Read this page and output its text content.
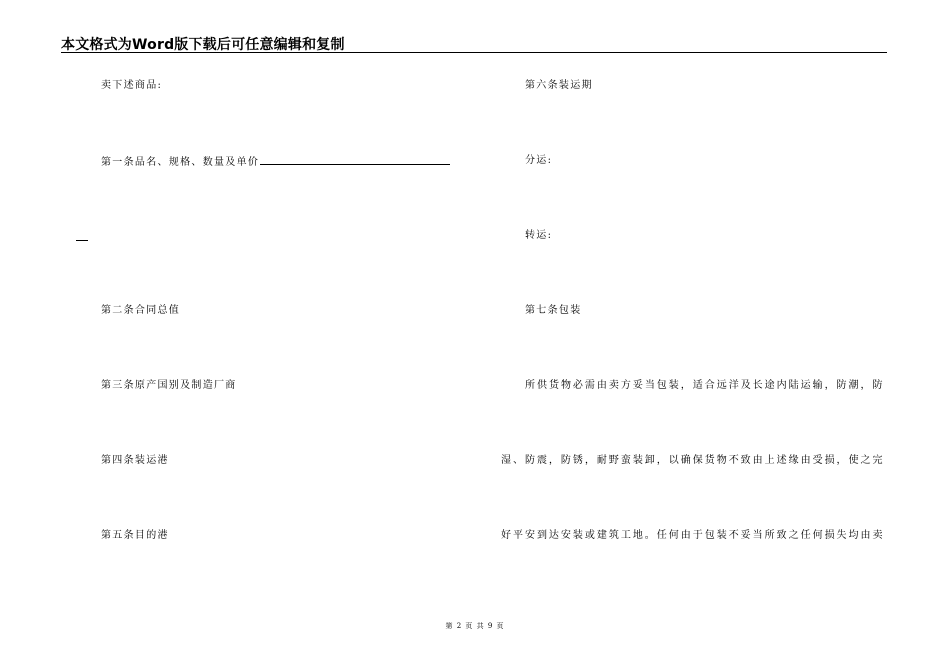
本文格式为Word版下载后可任意编辑和复制
卖下述商品:
第一条品名、规格、数量及单价
第二条合同总值
第三条原产国别及制造厂商
第四条装运港
第五条目的港
第六条装运期
分运:
转运:
第七条包装
所供货物必需由卖方妥当包装，适合远洋及长途内陆运输，防潮，防
湿、防震，防锈，耐野蛮装卸，以确保货物不致由上述缘由受损，使之完
好平安到达安装或建筑工地。任何由于包装不妥当所致之任何损失均由卖
第 2 页 共 9 页
